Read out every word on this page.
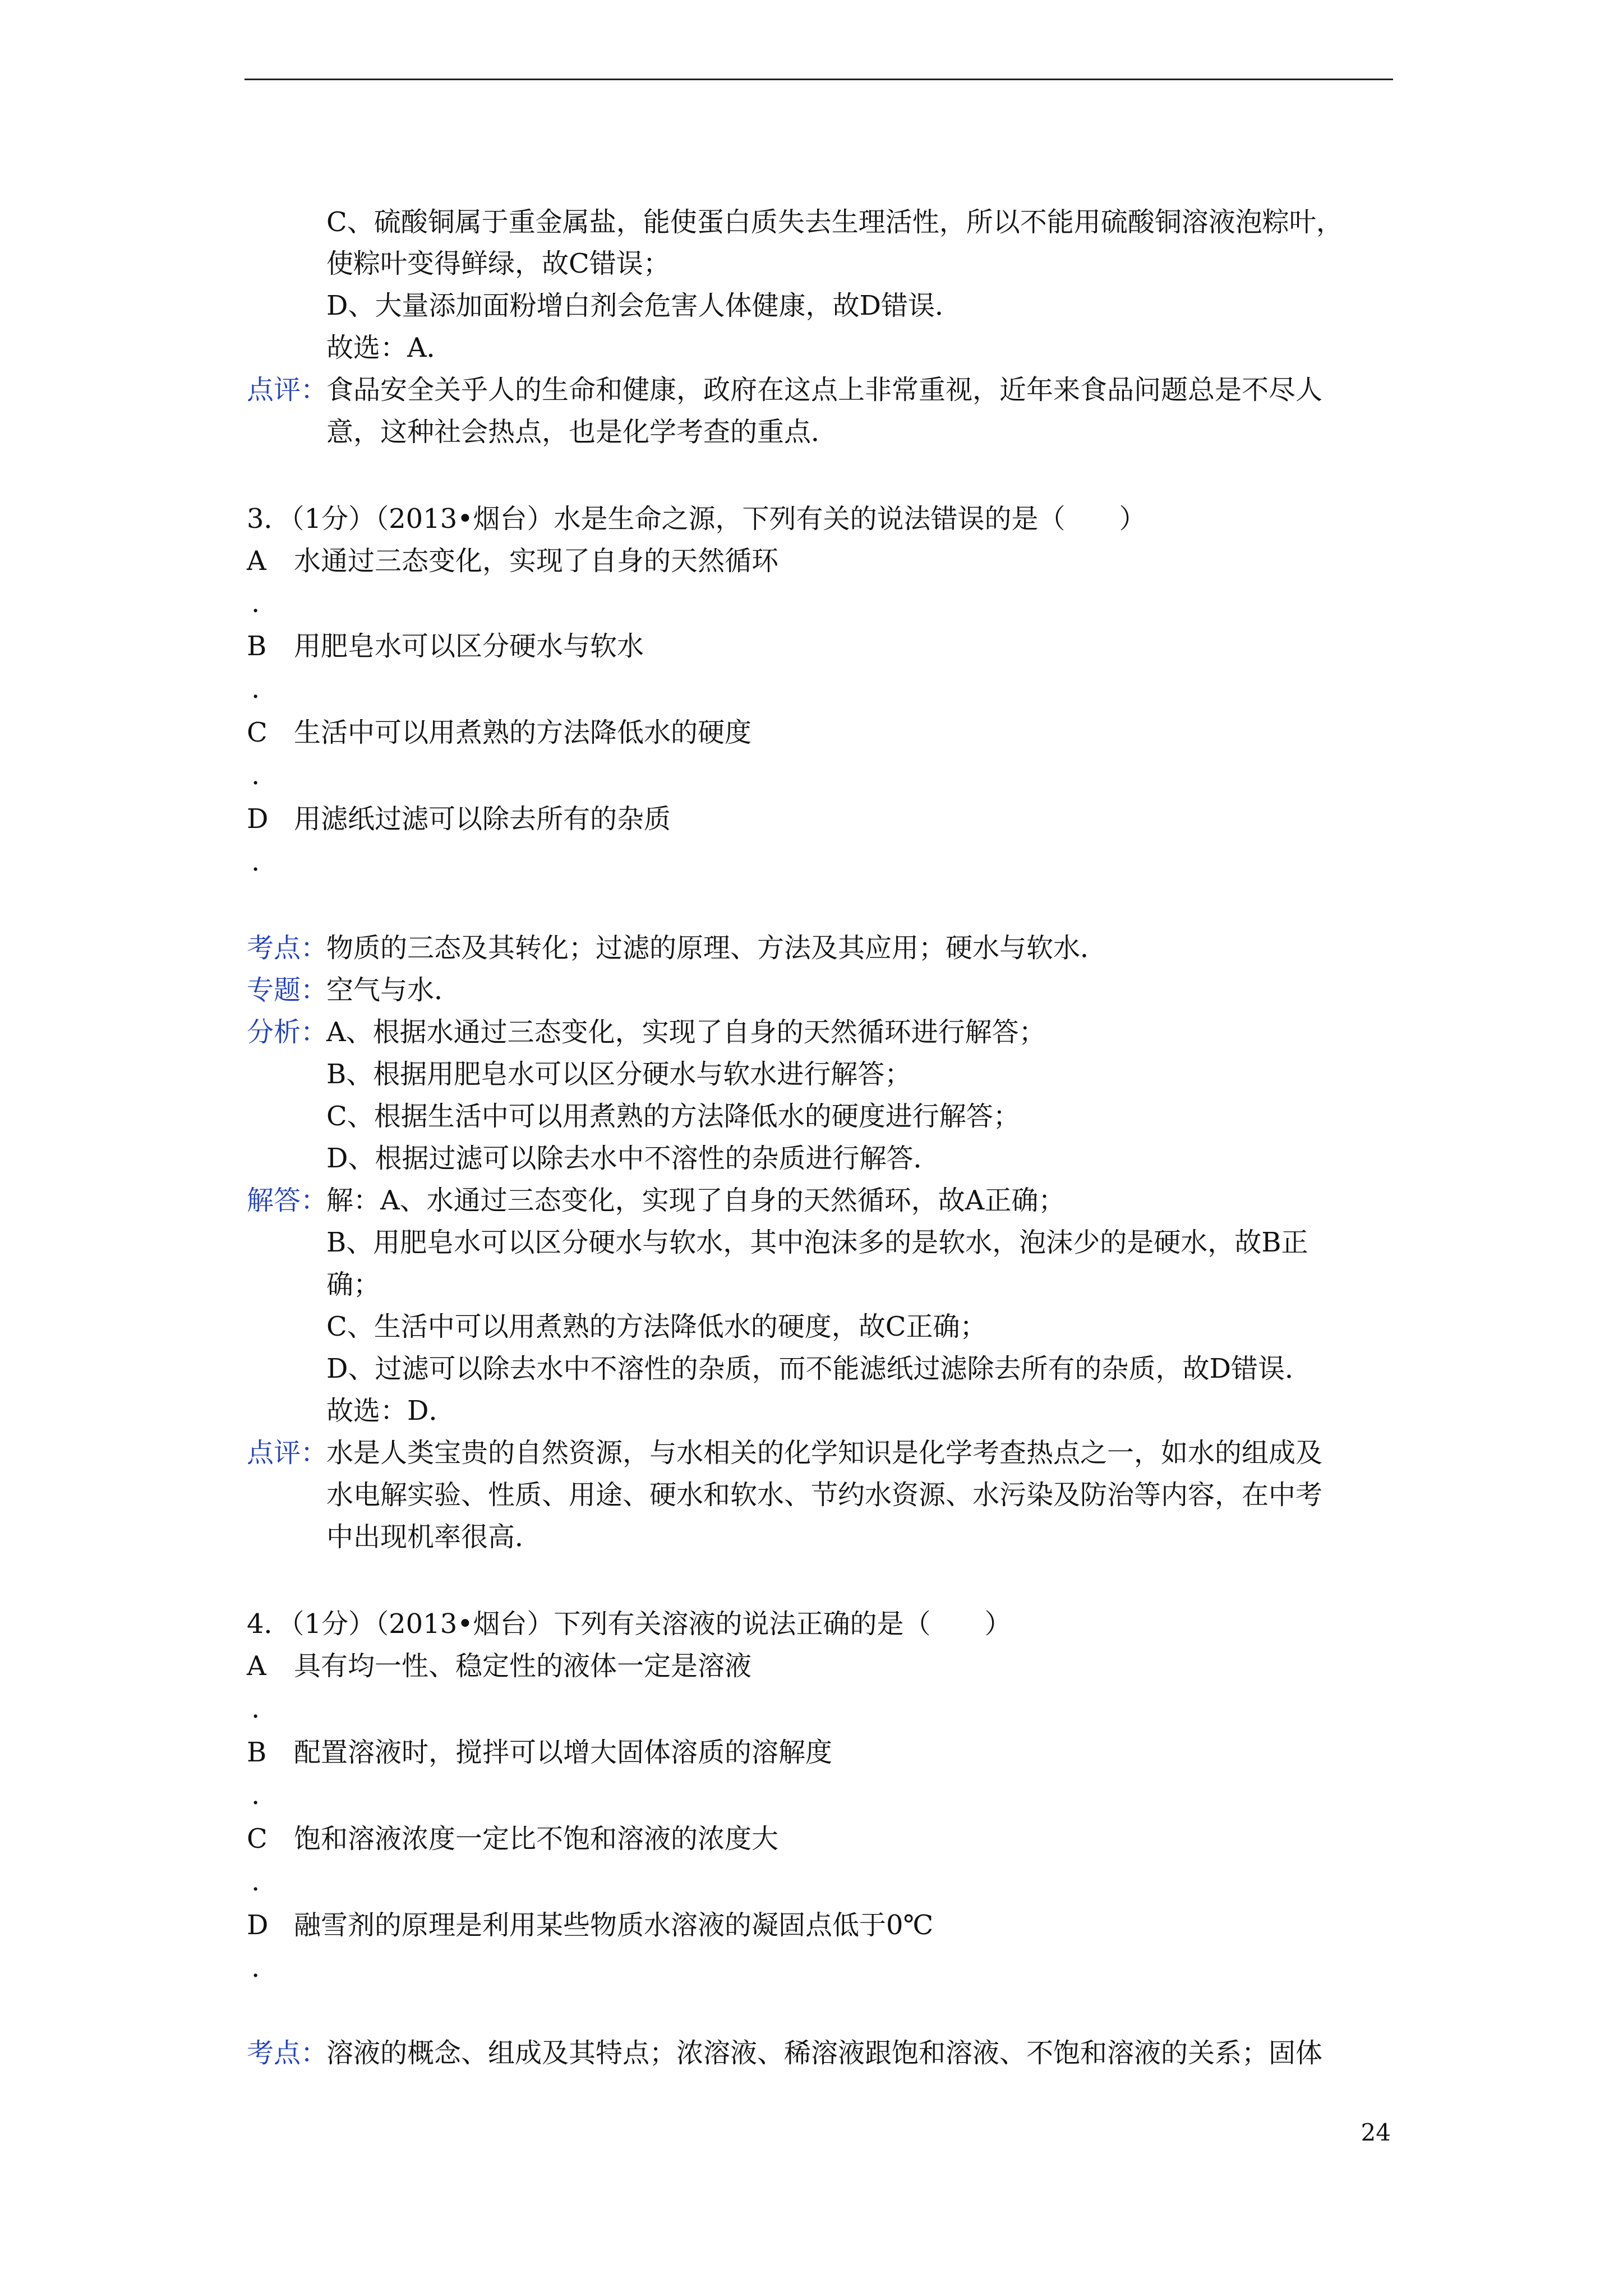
C、硫酸铜属于重金属盐，能使蛋白质失去生理活性，所以不能用硫酸铜溶液泡粽叶，
使粽叶变得鲜绿，故C错误；
D、大量添加面粉增白剂会危害人体健康，故D错误．
故选：A．
点评：
食品安全关乎人的生命和健康，政府在这点上非常重视，近年来食品问题总是不尽人
意，这种社会热点，也是化学考查的重点．
3．（1分）（2013•烟台）水是生命之源，下列有关的说法错误的是（　　）
A 水通过三态变化，实现了自身的天然循环
.
B 用肥皂水可以区分硬水与软水
.
C 生活中可以用煮熟的方法降低水的硬度
.
D 用滤纸过滤可以除去所有的杂质
.
考点：
物质的三态及其转化；过滤的原理、方法及其应用；硬水与软水．
专题：
空气与水．
分析：
A、根据水通过三态变化，实现了自身的天然循环进行解答；
B、根据用肥皂水可以区分硬水与软水进行解答；
C、根据生活中可以用煮熟的方法降低水的硬度进行解答；
D、根据过滤可以除去水中不溶性的杂质进行解答．
解答：
解：A、水通过三态变化，实现了自身的天然循环，故A正确；
B、用肥皂水可以区分硬水与软水，其中泡沫多的是软水，泡沫少的是硬水，故B正
确；
C、生活中可以用煮熟的方法降低水的硬度，故C正确；
D、过滤可以除去水中不溶性的杂质，而不能滤纸过滤除去所有的杂质，故D错误．
故选：D．
点评：
水是人类宝贵的自然资源，与水相关的化学知识是化学考查热点之一，如水的组成及
水电解实验、性质、用途、硬水和软水、节约水资源、水污染及防治等内容，在中考
中出现机率很高．
4．（1分）（2013•烟台）下列有关溶液的说法正确的是（　　）
A 具有均一性、稳定性的液体一定是溶液
.
B 配置溶液时，搅拌可以增大固体溶质的溶解度
.
C 饱和溶液浓度一定比不饱和溶液的浓度大
.
D 融雪剂的原理是利用某些物质水溶液的凝固点低于0℃
.
考点：
溶液的概念、组成及其特点；浓溶液、稀溶液跟饱和溶液、不饱和溶液的关系；固体
24
